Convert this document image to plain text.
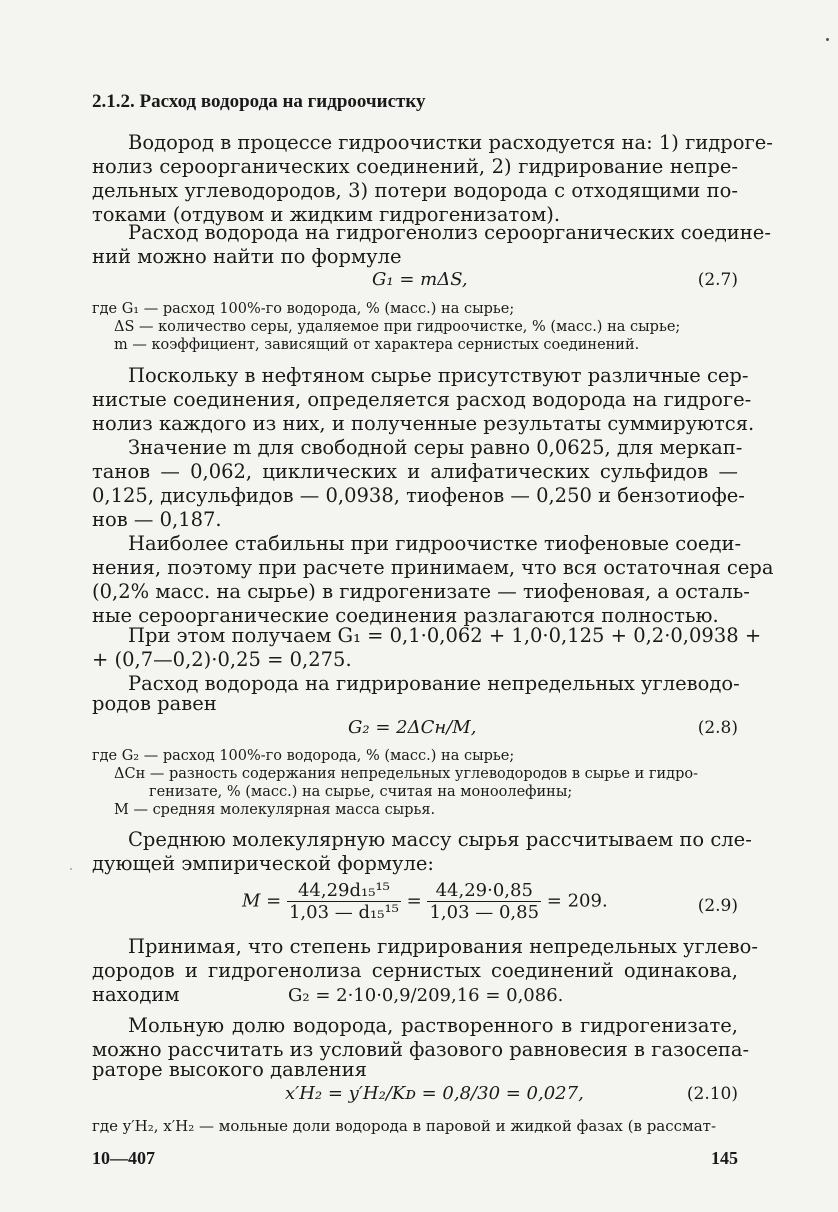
2.1.2. Расход водорода на гидроочистку
Водород в процессе гидроочистки расходуется на: 1) гидроге-
нолиз сероорганических соединений, 2) гидрирование непре-
дельных углеводородов, 3) потери водорода с отходящими по-
токами (отдувом и жидким гидрогенизатом).
Расход водорода на гидрогенолиз сероорганических соедине-
ний можно найти по формуле
G₁ = mΔS,	(2.7)
где G₁ — расход 100%-го водорода, % (масс.) на сырье;
ΔS — количество серы, удаляемое при гидроочистке, % (масс.) на сырье;
m — коэффициент, зависящий от характера сернистых соединений.
Поскольку в нефтяном сырье присутствуют различные сер-
нистые соединения, определяется расход водорода на гидроге-
нолиз каждого из них, и полученные результаты суммируются.
Значение m для свободной серы равно 0,0625, для меркап-
танов — 0,062, циклических и алифатических сульфидов —
0,125, дисульфидов — 0,0938, тиофенов — 0,250 и бензотиофе-
нов — 0,187.
Наиболее стабильны при гидроочистке тиофеновые соеди-
нения, поэтому при расчете принимаем, что вся остаточная сера
(0,2% масс. на сырье) в гидрогенизате — тиофеновая, а осталь-
ные сероорганические соединения разлагаются полностью.
При этом получаем G₁ = 0,1·0,062 + 1,0·0,125 + 0,2·0,0938 +
+ (0,7—0,2)·0,25 = 0,275.
Расход водорода на гидрирование непредельных углеводо-
родов равен
G₂ = 2ΔCн/M,	(2.8)
где G₂ — расход 100%-го водорода, % (масс.) на сырье;
ΔCн — разность содержания непредельных углеводородов в сырье и гидро-
генизате, % (масс.) на сырье, считая на моноолефины;
M — средняя молекулярная масса сырья.
Среднюю молекулярную массу сырья рассчитываем по сле-
дующей эмпирической формуле:
$M = \frac{\text{44,29d₁₅¹⁵}}{\text{1,03 — d₁₅¹⁵}} = \frac{44,29\cdot 0,85}{1,03 — 0,85} = 209$.	(2.9)
Принимая, что степень гидрирования непредельных углево-
дородов и гидрогенолиза сернистых соединений одинакова,
находим	G₂ = 2·10·0,9/209,16 = 0,086.
Мольную долю водорода, растворенного в гидрогенизате,
можно рассчитать из условий фазового равновесия в газосепа-
раторе высокого давления
x′H₂ = y′H₂/Kᴅ = 0,8/30 = 0,027,	(2.10)
где y′H₂, x′H₂ — мольные доли водорода в паровой и жидкой фазах (в рассмат-
10—407	145
